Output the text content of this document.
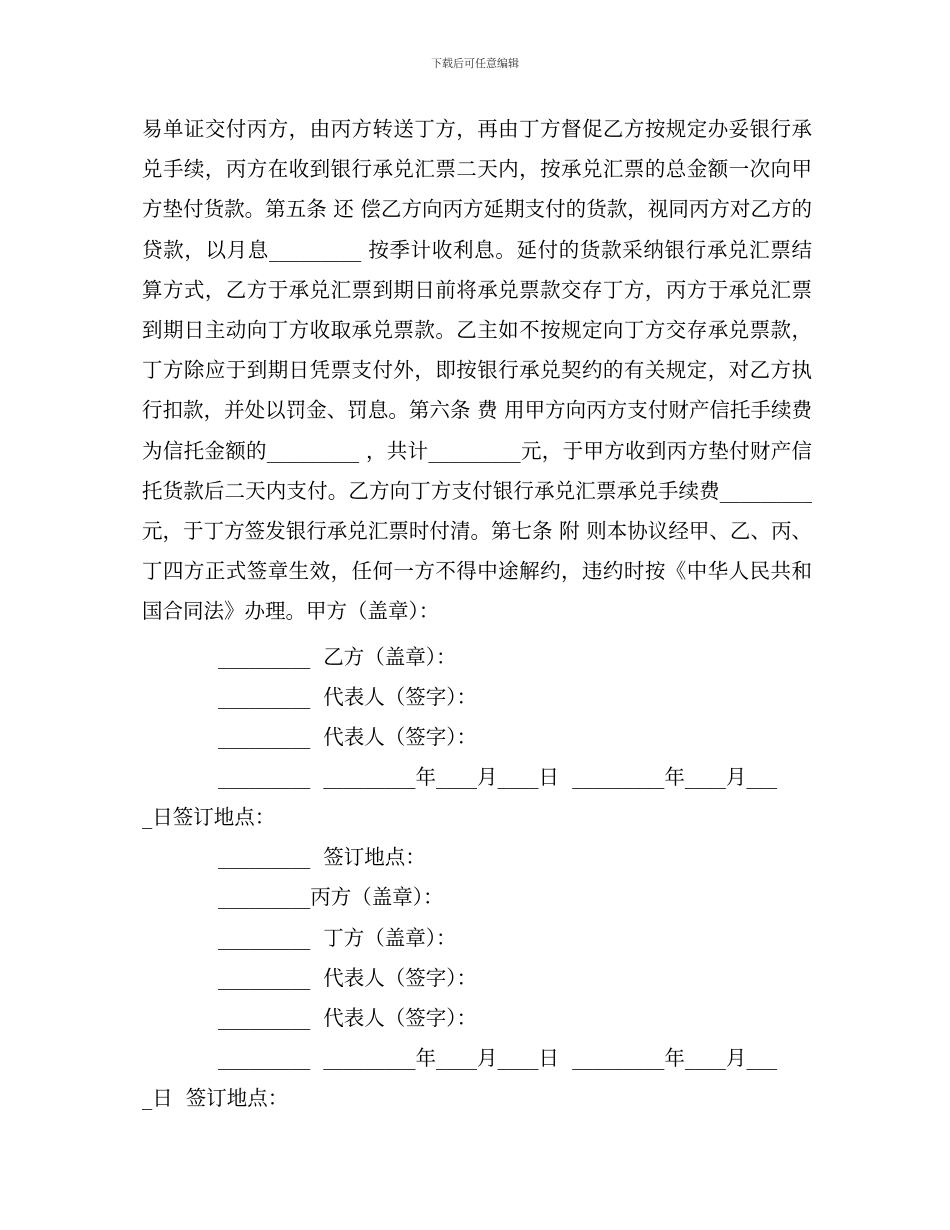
下载后可任意编辑
易单证交付丙方，由丙方转送丁方，再由丁方督促乙方按规定办妥银行承兑手续，丙方在收到银行承兑汇票二天内，按承兑汇票的总金额一次向甲方垫付货款。第五条 还 偿乙方向丙方延期支付的货款，视同丙方对乙方的贷款，以月息_________ 按季计收利息。延付的货款采纳银行承兑汇票结算方式，乙方于承兑汇票到期日前将承兑票款交存丁方，丙方于承兑汇票到期日主动向丁方收取承兑票款。乙主如不按规定向丁方交存承兑票款，丁方除应于到期日凭票支付外，即按银行承兑契约的有关规定，对乙方执行扣款，并处以罚金、罚息。第六条 费 用甲方向丙方支付财产信托手续费为信托金额的_________ ，共计_________元，于甲方收到丙方垫付财产信托货款后二天内支付。乙方向丁方支付银行承兑汇票承兑手续费_________元，于丁方签发银行承兑汇票时付清。第七条 附 则本协议经甲、乙、丙、丁四方正式签章生效，任何一方不得中途解约，违约时按《中华人民共和国合同法》办理。甲方（盖章）：
_________  乙方（盖章）：
_________  代表人（签字）：
_________  代表人（签字）：
_________  _________年____月____日  _________年____月___
_日签订地点：
_________  签订地点：
_________丙方（盖章）：
_________  丁方（盖章）：
_________  代表人（签字）：
_________  代表人（签字）：
_________  _________年____月____日  _________年____月___
_日  签订地点：
